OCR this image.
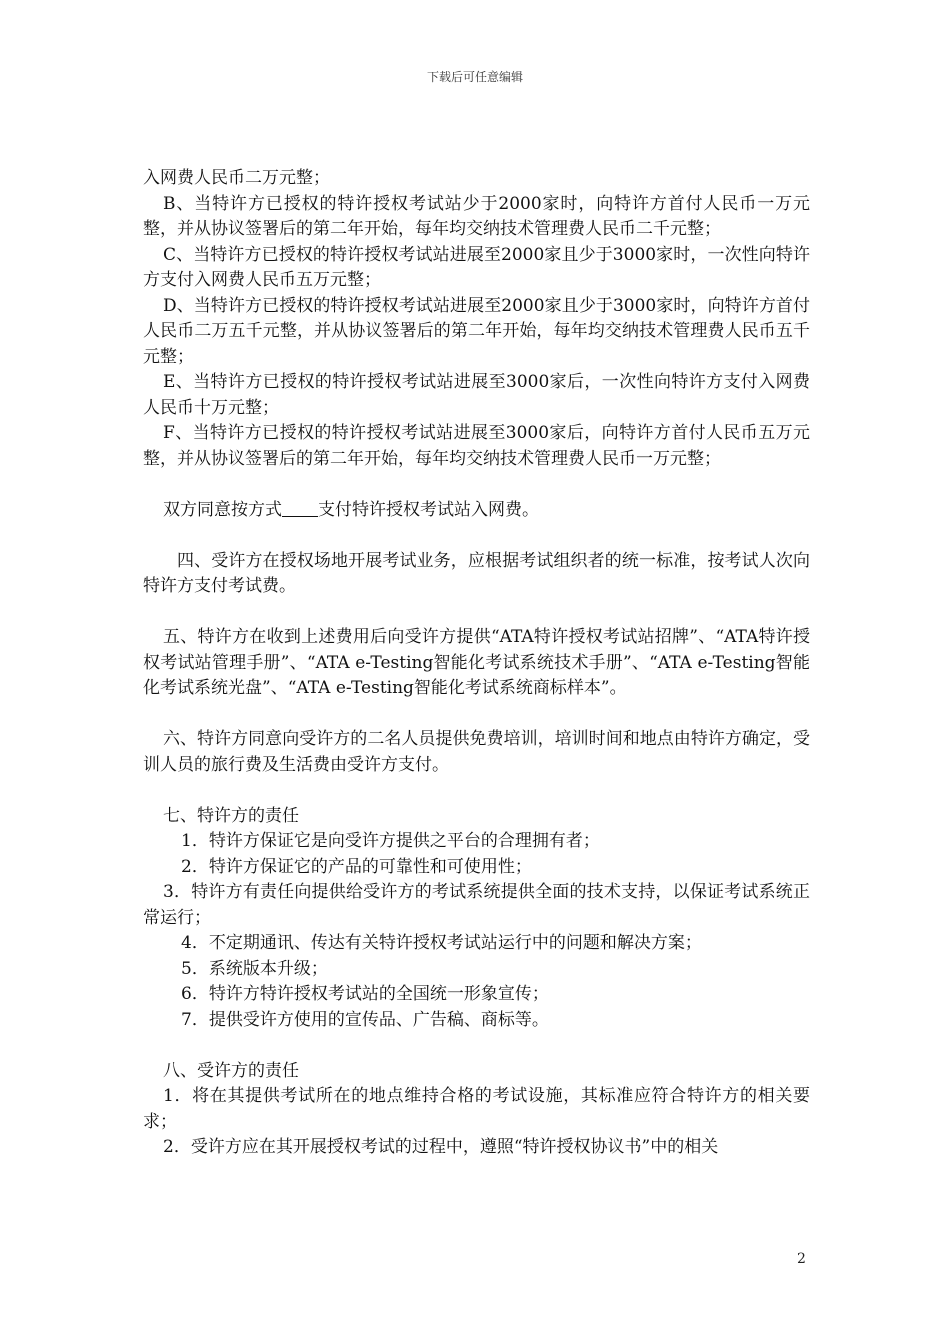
下载后可任意编辑

入网费人民币二万元整；

B、当特许方已授权的特许授权考试站少于2000家时，向特许方首付人民币一万元整，并从协议签署后的第二年开始，每年均交纳技术管理费人民币二千元整；

C、当特许方已授权的特许授权考试站进展至2000家且少于3000家时，一次性向特许方支付入网费人民币五万元整；

D、当特许方已授权的特许授权考试站进展至2000家且少于3000家时，向特许方首付人民币二万五千元整，并从协议签署后的第二年开始，每年均交纳技术管理费人民币五千元整；

E、当特许方已授权的特许授权考试站进展至3000家后，一次性向特许方支付入网费人民币十万元整；

F、当特许方已授权的特许授权考试站进展至3000家后，向特许方首付人民币五万元整，并从协议签署后的第二年开始，每年均交纳技术管理费人民币一万元整；

双方同意按方式 支付特许授权考试站入网费。

四、受许方在授权场地开展考试业务，应根据考试组织者的统一标准，按考试人次向特许方支付考试费。

五、特许方在收到上述费用后向受许方提供“ATA特许授权考试站招牌”、“ATA特许授权考试站管理手册”、“ATA e-Testing智能化考试系统技术手册”、“ATA e-Testing智能化考试系统光盘”、“ATA e-Testing智能化考试系统商标样本”。

六、特许方同意向受许方的二名人员提供免费培训，培训时间和地点由特许方确定，受训人员的旅行费及生活费由受许方支付。

七、特许方的责任

1．特许方保证它是向受许方提供之平台的合理拥有者；

2．特许方保证它的产品的可靠性和可使用性；

3．特许方有责任向提供给受许方的考试系统提供全面的技术支持，以保证考试系统正常运行；

4．不定期通讯、传达有关特许授权考试站运行中的问题和解决方案；

5．系统版本升级；

6．特许方特许授权考试站的全国统一形象宣传；

7．提供受许方使用的宣传品、广告稿、商标等。

八、受许方的责任

1．将在其提供考试所在的地点维持合格的考试设施，其标准应符合特许方的相关要求；

2．受许方应在其开展授权考试的过程中，遵照“特许授权协议书”中的相关

2
